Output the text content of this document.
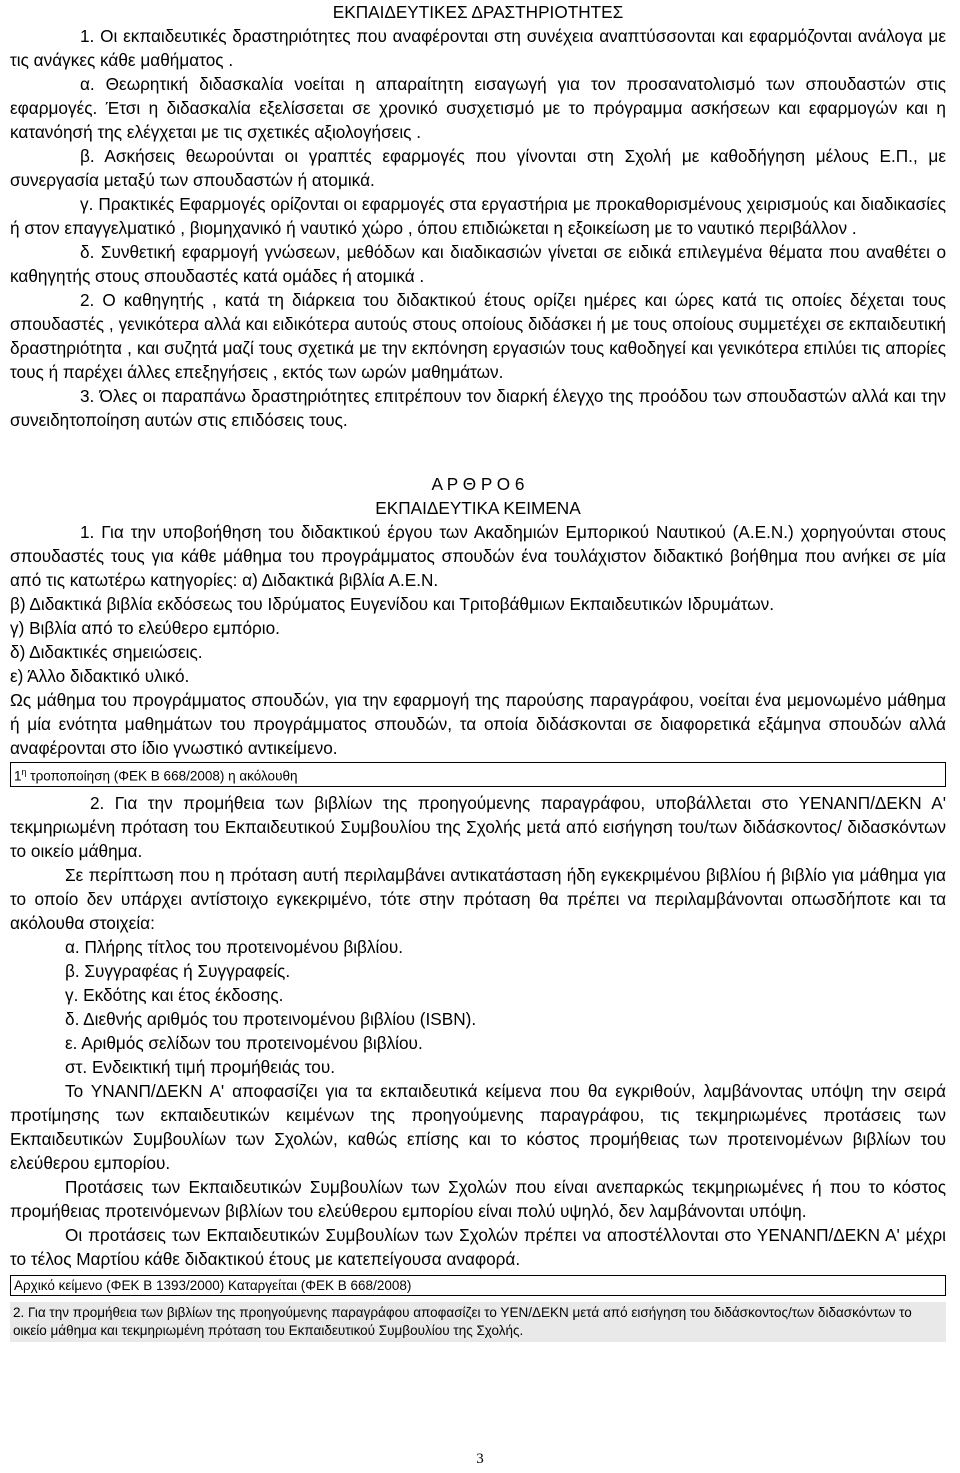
ΕΚΠΑΙΔΕΥΤΙΚΕΣ ΔΡΑΣΤΗΡΙΟΤΗΤΕΣ

1. Οι εκπαιδευτικές δραστηριότητες που αναφέρονται στη συνέχεια αναπτύσσονται και εφαρμόζονται ανάλογα με τις ανάγκες κάθε μαθήματος .

α. Θεωρητική διδασκαλία νοείται η απαραίτητη εισαγωγή για τον προσανατολισμό των σπουδαστών στις εφαρμογές. Έτσι η διδασκαλία εξελίσσεται σε χρονικό συσχετισμό με το πρόγραμμα ασκήσεων και εφαρμογών και η κατανόησή της ελέγχεται με τις σχετικές αξιολογήσεις .

β. Ασκήσεις θεωρούνται οι γραπτές εφαρμογές που γίνονται στη Σχολή με καθοδήγηση μέλους Ε.Π., με συνεργασία μεταξύ των σπουδαστών ή ατομικά.

γ. Πρακτικές Εφαρμογές ορίζονται οι εφαρμογές στα εργαστήρια με προκαθορισμένους χειρισμούς και διαδικασίες ή στον επαγγελματικό , βιομηχανικό ή ναυτικό χώρο , όπου επιδιώκεται η εξοικείωση με το ναυτικό περιβάλλον .

δ. Συνθετική εφαρμογή γνώσεων, μεθόδων και διαδικασιών γίνεται σε ειδικά επιλεγμένα θέματα που αναθέτει ο καθηγητής στους σπουδαστές κατά ομάδες ή ατομικά .

2. Ο καθηγητής , κατά τη διάρκεια του διδακτικού έτους ορίζει ημέρες και ώρες κατά τις οποίες δέχεται τους σπουδαστές , γενικότερα αλλά και ειδικότερα αυτούς στους οποίους διδάσκει ή με τους οποίους συμμετέχει σε εκπαιδευτική δραστηριότητα , και συζητά μαζί τους σχετικά με την εκπόνηση εργασιών τους καθοδηγεί και γενικότερα επιλύει τις απορίες τους ή παρέχει άλλες επεξηγήσεις , εκτός των ωρών μαθημάτων.

3. Όλες οι παραπάνω δραστηριότητες επιτρέπουν τον διαρκή έλεγχο της προόδου των σπουδαστών αλλά και την συνειδητοποίηση αυτών στις επιδόσεις τους.

Α Ρ Θ Ρ Ο 6

ΕΚΠΑΙΔΕΥΤΙΚΑ ΚΕΙΜΕΝΑ

1. Για την υποβοήθηση του διδακτικού έργου των Ακαδημιών Εμπορικού Ναυτικού (Α.Ε.Ν.) χορηγούνται στους σπουδαστές τους για κάθε μάθημα του προγράμματος σπουδών ένα τουλάχιστον διδακτικό βοήθημα που ανήκει σε μία από τις κατωτέρω κατηγορίες: α) Διδακτικά βιβλία Α.Ε.Ν.

β) Διδακτικά βιβλία εκδόσεως του Ιδρύματος Ευγενίδου και Τριτοβάθμιων Εκπαιδευτικών Ιδρυμάτων.

γ) Βιβλία από το ελεύθερο εμπόριο.

δ) Διδακτικές σημειώσεις.

ε) Άλλο διδακτικό υλικό.

Ως μάθημα του προγράμματος σπουδών, για την εφαρμογή της παρούσης παραγράφου, νοείται ένα μεμονωμένο μάθημα ή μία ενότητα μαθημάτων του προγράμματος σπουδών, τα οποία διδάσκονται σε διαφορετικά εξάμηνα σπουδών αλλά αναφέρονται στο ίδιο γνωστικό αντικείμενο.

$1^\eta$ τροποποίηση (ΦΕΚ Β 668/2008) η ακόλουθη

2. Για την προμήθεια των βιβλίων της προηγούμενης παραγράφου, υποβάλλεται στο ΥΕΝΑΝΠ/ΔΕΚΝ Α' τεκμηριωμένη πρόταση του Εκπαιδευτικού Συμβουλίου της Σχολής μετά από εισήγηση του/των διδάσκοντος/ διδασκόντων το οικείο μάθημα.

Σε περίπτωση που η πρόταση αυτή περιλαμβάνει αντικατάσταση ήδη εγκεκριμένου βιβλίου ή βιβλίο για μάθημα για το οποίο δεν υπάρχει αντίστοιχο εγκεκριμένο, τότε στην πρόταση θα πρέπει να περιλαμβάνονται οπωσδήποτε και τα ακόλουθα στοιχεία:

α. Πλήρης τίτλος του προτεινομένου βιβλίου.

β. Συγγραφέας ή Συγγραφείς.

γ. Εκδότης και έτος έκδοσης.

δ. Διεθνής αριθμός του προτεινομένου βιβλίου (ISBN).

ε. Αριθμός σελίδων του προτεινομένου βιβλίου.

στ. Ενδεικτική τιμή προμήθειάς του.

Το ΥΝΑΝΠ/ΔΕΚΝ Α' αποφασίζει για τα εκπαιδευτικά κείμενα που θα εγκριθούν, λαμβάνοντας υπόψη την σειρά προτίμησης των εκπαιδευτικών κειμένων της προηγούμενης παραγράφου, τις τεκμηριωμένες προτάσεις των Εκπαιδευτικών Συμβουλίων των Σχολών, καθώς επίσης και το κόστος προμήθειας των προτεινομένων βιβλίων του ελεύθερου εμπορίου.

Προτάσεις των Εκπαιδευτικών Συμβουλίων των Σχολών που είναι ανεπαρκώς τεκμηριωμένες ή που το κόστος προμήθειας προτεινόμενων βιβλίων του ελεύθερου εμπορίου είναι πολύ υψηλό, δεν λαμβάνονται υπόψη.

Οι προτάσεις των Εκπαιδευτικών Συμβουλίων των Σχολών πρέπει να αποστέλλονται στο ΥΕΝΑΝΠ/ΔΕΚΝ Α' μέχρι το τέλος Μαρτίου κάθε διδακτικού έτους με κατεπείγουσα αναφορά.

Αρχικό κείμενο (ΦΕΚ Β 1393/2000) Καταργείται (ΦΕΚ Β 668/2008)
2. Για την προμήθεια των βιβλίων της προηγούμενης παραγράφου αποφασίζει το ΥΕΝ/ΔΕΚΝ μετά από εισήγηση του διδάσκοντος/των διδασκόντων το οικείο μάθημα και τεκμηριωμένη πρόταση του Εκπαιδευτικού Συμβουλίου της Σχολής.
3
